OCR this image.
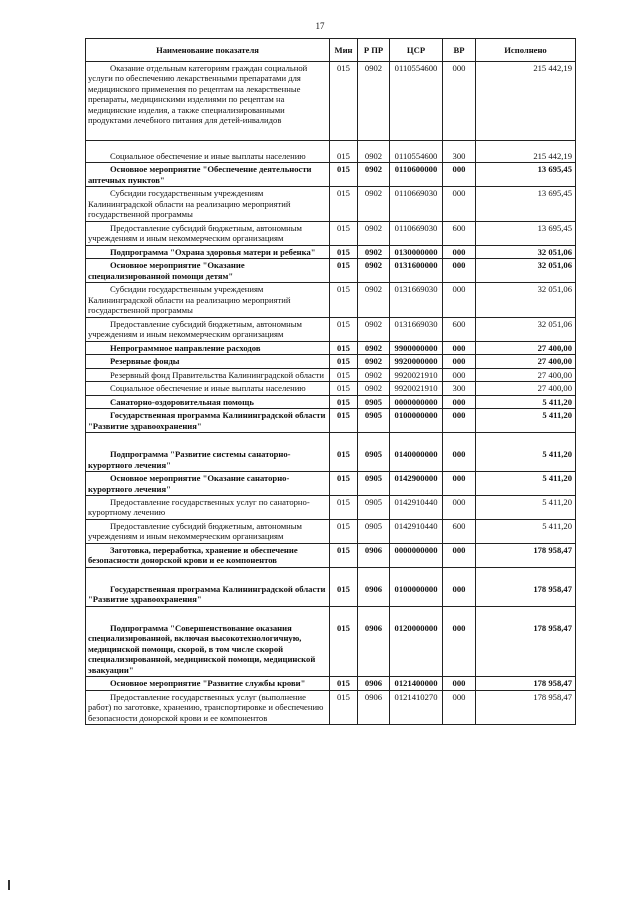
17
Наименование показателя	Мин	Р ПР	ЦСР	ВР	Исполнено
Оказание отдельным категориям граждан социальной услуги по обеспечению лекарственными препаратами для медицинского применения по рецептам на лекарственные препараты, медицинскими изделиями по рецептам на медицинские изделия, а также специализированными продуктами лечебного питания для детей-инвалидов	015	0902	0110554600	000	215 442,19
Социальное обеспечение и иные выплаты населению	015	0902	0110554600	300	215 442,19
Основное мероприятие "Обеспечение деятельности аптечных пунктов"	015	0902	0110600000	000	13 695,45
Субсидии государственным учреждениям Калининградской области на реализацию мероприятий государственной программы	015	0902	0110669030	000	13 695,45
Предоставление субсидий бюджетным, автономным учреждениям и иным некоммерческим организациям	015	0902	0110669030	600	13 695,45
Подпрограмма "Охрана здоровья матери и ребенка"	015	0902	0130000000	000	32 051,06
Основное мероприятие "Оказание специализированной помощи детям"	015	0902	0131600000	000	32 051,06
Субсидии государственным учреждениям Калининградской области на реализацию мероприятий государственной программы	015	0902	0131669030	000	32 051,06
Предоставление субсидий бюджетным, автономным учреждениям и иным некоммерческим организациям	015	0902	0131669030	600	32 051,06
Непрограммное направление расходов	015	0902	9900000000	000	27 400,00
Резервные фонды	015	0902	9920000000	000	27 400,00
Резервный фонд Правительства Калининградской области	015	0902	9920021910	000	27 400,00
Социальное обеспечение и иные выплаты населению	015	0902	9920021910	300	27 400,00
Санаторно-оздоровительная помощь	015	0905	0000000000	000	5 411,20
Государственная программа Калининградской области "Развитие здравоохранения"	015	0905	0100000000	000	5 411,20
Подпрограмма "Развитие системы санаторно-курортного лечения"	015	0905	0140000000	000	5 411,20
Основное мероприятие "Оказание санаторно-курортного лечения"	015	0905	0142900000	000	5 411,20
Предоставление государственных услуг по санаторно-курортному лечению	015	0905	0142910440	000	5 411,20
Предоставление субсидий бюджетным, автономным учреждениям и иным некоммерческим организациям	015	0905	0142910440	600	5 411,20
Заготовка, переработка, хранение и обеспечение безопасности донорской крови и ее компонентов	015	0906	0000000000	000	178 958,47
Государственная программа Калининградской области "Развитие здравоохранения"	015	0906	0100000000	000	178 958,47
Подпрограмма "Совершенствование оказания специализированной, включая высокотехнологичную, медицинской помощи, скорой, в том числе скорой специализированной, медицинской помощи, медицинской эвакуации"	015	0906	0120000000	000	178 958,47
Основное мероприятие "Развитие службы крови"	015	0906	0121400000	000	178 958,47
Предоставление государственных услуг (выполнение работ) по заготовке, хранению, транспортировке и обеспечению безопасности донорской крови и ее компонентов	015	0906	0121410270	000	178 958,47
